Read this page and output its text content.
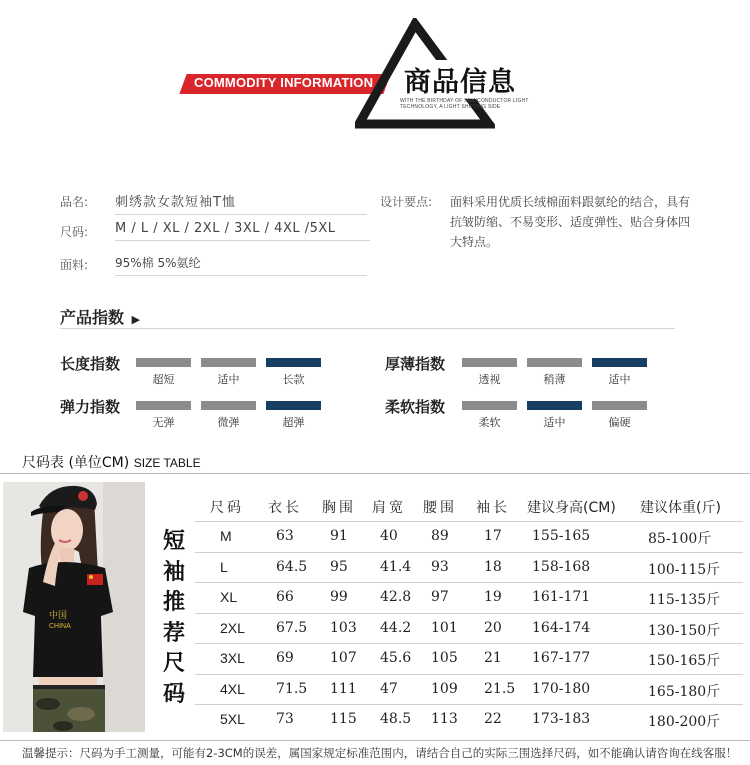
COMMODITY INFORMATION 商品信息
WITH THE BIRTHDAY OF SEMICONDUCTOR LIGHT TECHNOLOGY, A LIGHT SHIFTING SIDE
品名: 刺绣款女款短袖T恤
尺码: M / L / XL / 2XL / 3XL / 4XL /5XL
面料: 95%棉 5%氨纶
设计要点: 面料采用优质长绒棉面料跟氨纶的结合，具有抗皱防缩、不易变形、适度弹性、贴合身体四大特点。
产品指数 ▶
长度指数
超短	适中	长款
厚薄指数
透视	稍薄	适中
弹力指数
无弹	微弹	超弹
柔软指数
柔软	适中	偏硬
尺码表 (单位CM) SIZE TABLE
中国
CHINA
短
袖
推
荐
尺
码
尺码 衣长 胸围 肩宽 腰围 袖长 建议身高(CM) 建议体重(斤)
M	63	91 40 89	17 155-165	85-100斤
L	64.5 95 41.4 93	18 158-168	100-115斤
XL	66	99 42.8 97	19 161-171	115-135斤
2XL 67.5 103 44.2 101 20 164-174	130-150斤
3XL 69	107 45.6 105 21 167-177	150-165斤
4XL 71.5 111 47 109 21.5 170-180	165-180斤
5XL 73	115 48.5 113 22 173-183	180-200斤
温馨提示：尺码为手工测量，可能有2-3CM的误差，属国家规定标准范围内，请结合自己的实际三围选择尺码，如不能确认请咨询在线客服！
